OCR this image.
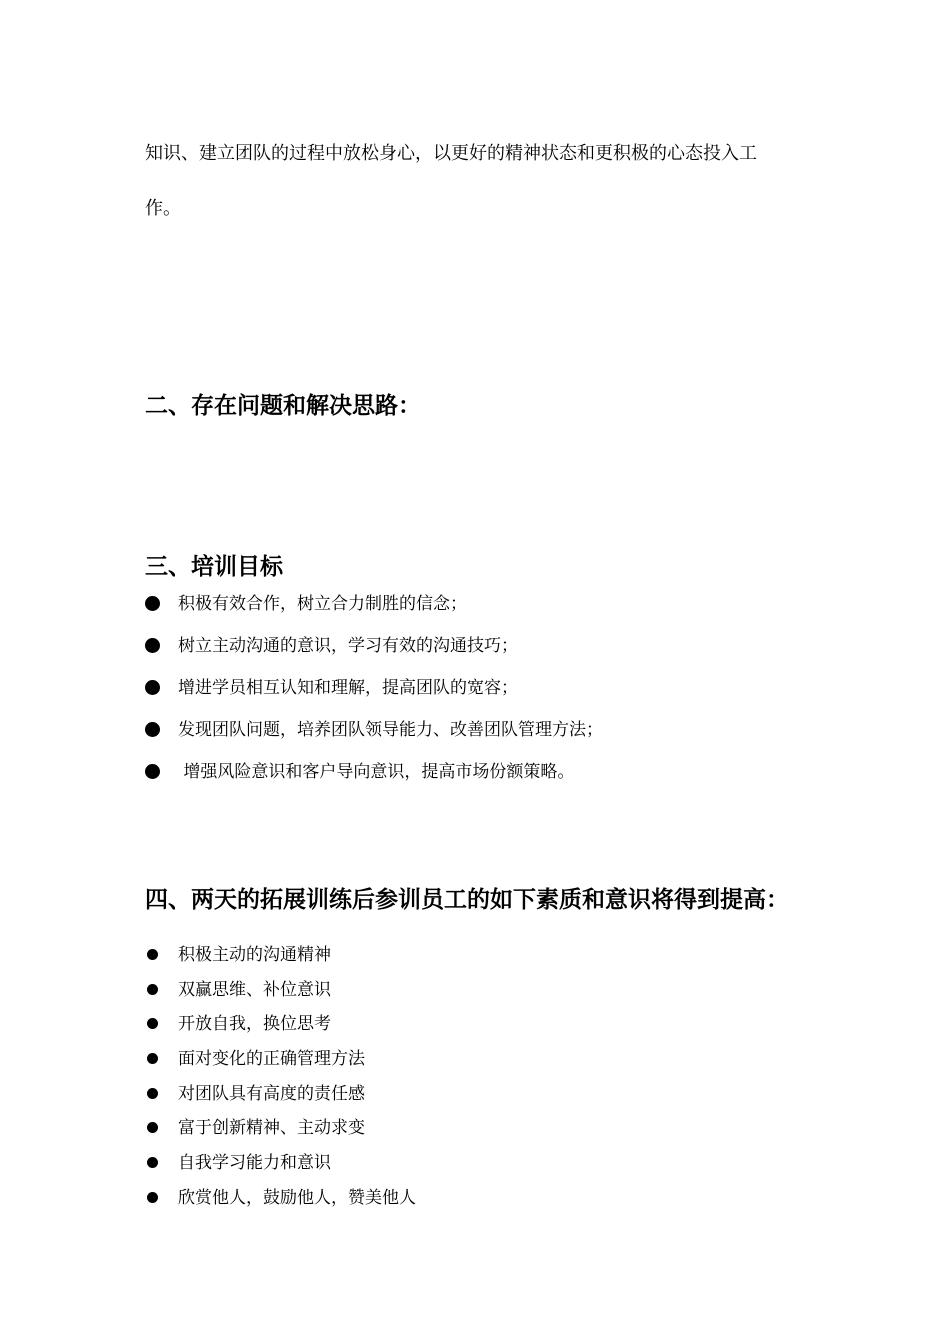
知识、建立团队的过程中放松身心，以更好的精神状态和更积极的心态投入工
作。
二、存在问题和解决思路：
三、培训目标
积极有效合作，树立合力制胜的信念；
树立主动沟通的意识，学习有效的沟通技巧；
增进学员相互认知和理解，提高团队的宽容；
发现团队问题，培养团队领导能力、改善团队管理方法；
增强风险意识和客户导向意识，提高市场份额策略。
四、两天的拓展训练后参训员工的如下素质和意识将得到提高：
积极主动的沟通精神
双赢思维、补位意识
开放自我，换位思考
面对变化的正确管理方法
对团队具有高度的责任感
富于创新精神、主动求变
自我学习能力和意识
欣赏他人，鼓励他人，赞美他人
